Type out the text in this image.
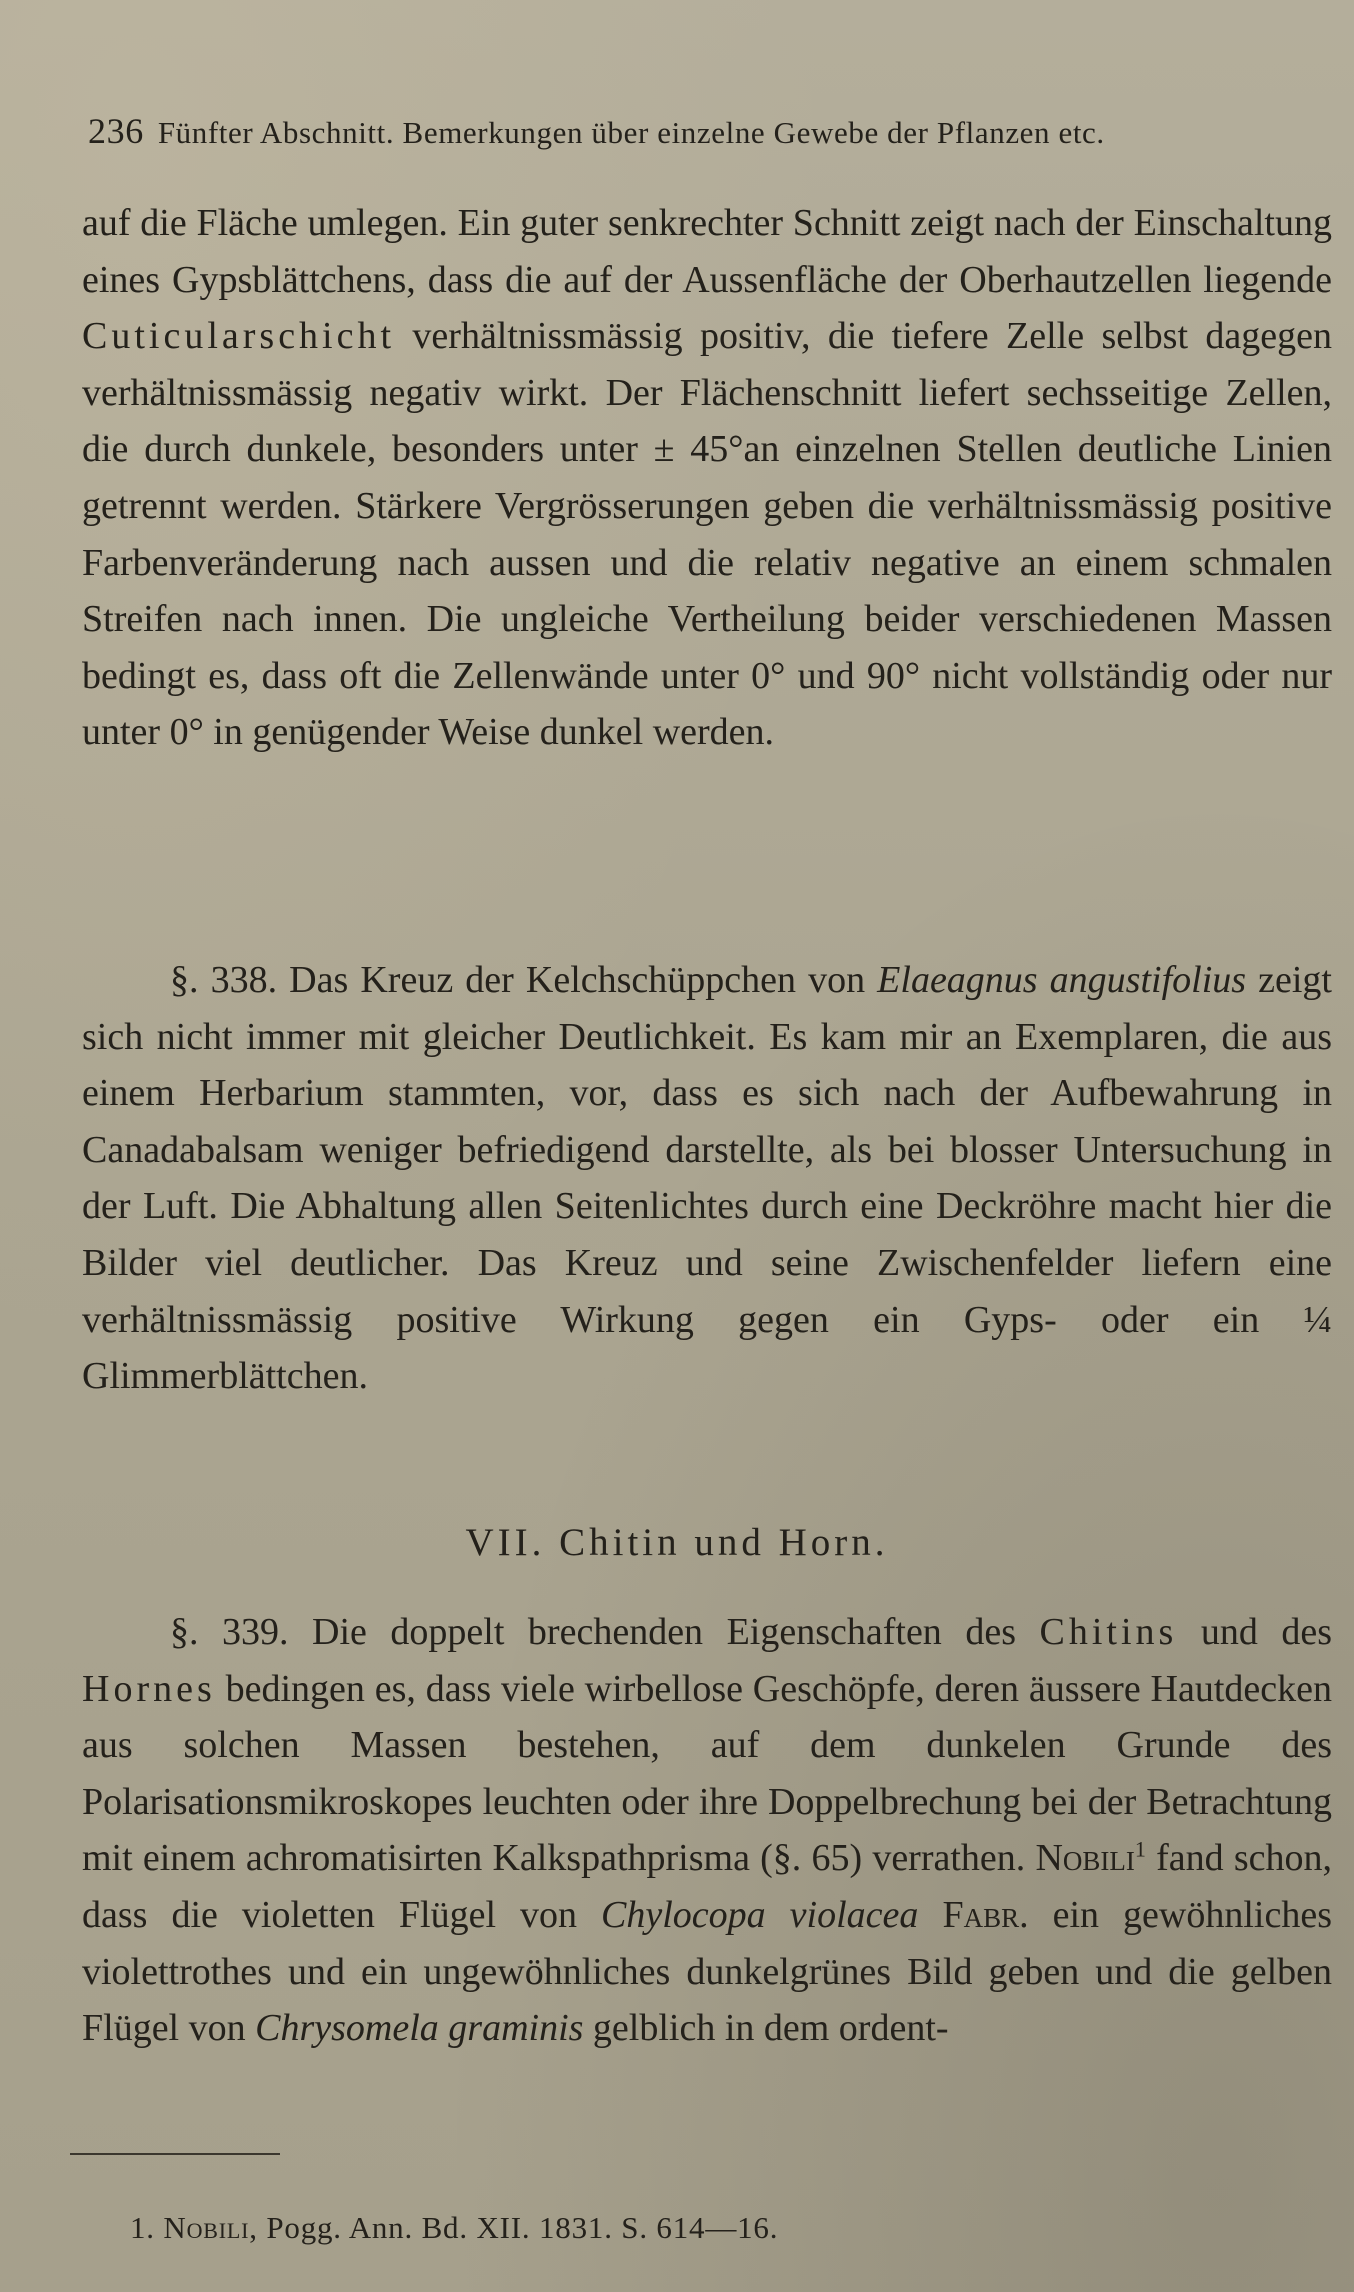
236 Fünfter Abschnitt. Bemerkungen über einzelne Gewebe der Pflanzen etc.

auf die Fläche umlegen. Ein guter senkrechter Schnitt zeigt nach der Einschaltung eines Gypsblättchens, dass die auf der Aussenfläche der Oberhautzellen liegende Cuticularschicht verhältnissmässig positiv, die tiefere Zelle selbst dagegen verhältnissmässig negativ wirkt. Der Flächenschnitt liefert sechsseitige Zellen, die durch dunkele, besonders unter ± 45°an einzelnen Stellen deutliche Linien getrennt werden. Stärkere Vergrösserungen geben die verhältnissmässig positive Farbenveränderung nach aussen und die relativ negative an einem schmalen Streifen nach innen. Die ungleiche Vertheilung beider verschiedenen Massen bedingt es, dass oft die Zellenwände unter 0° und 90° nicht vollständig oder nur unter 0° in genügender Weise dunkel werden.

§. 338. Das Kreuz der Kelchschüppchen von Elaeagnus angustifolius zeigt sich nicht immer mit gleicher Deutlichkeit. Es kam mir an Exemplaren, die aus einem Herbarium stammten, vor, dass es sich nach der Aufbewahrung in Canadabalsam weniger befriedigend darstellte, als bei blosser Untersuchung in der Luft. Die Abhaltung allen Seitenlichtes durch eine Deckröhre macht hier die Bilder viel deutlicher. Das Kreuz und seine Zwischenfelder liefern eine verhältnissmässig positive Wirkung gegen ein Gyps- oder ein ¼ Glimmerblättchen.

VII. Chitin und Horn.

§. 339. Die doppelt brechenden Eigenschaften des Chitins und des Hornes bedingen es, dass viele wirbellose Geschöpfe, deren äussere Hautdecken aus solchen Massen bestehen, auf dem dunkelen Grunde des Polarisationsmikroskopes leuchten oder ihre Doppelbrechung bei der Betrachtung mit einem achromatisirten Kalkspathprisma (§. 65) verrathen. Nobili$^1$ fand schon, dass die violetten Flügel von Chylocopa violacea Fabr. ein gewöhnliches violettrothes und ein ungewöhnliches dunkelgrünes Bild geben und die gelben Flügel von Chrysomela graminis gelblich in dem ordent-

1. Nobili, Pogg. Ann. Bd. XII. 1831. S. 614—16.
